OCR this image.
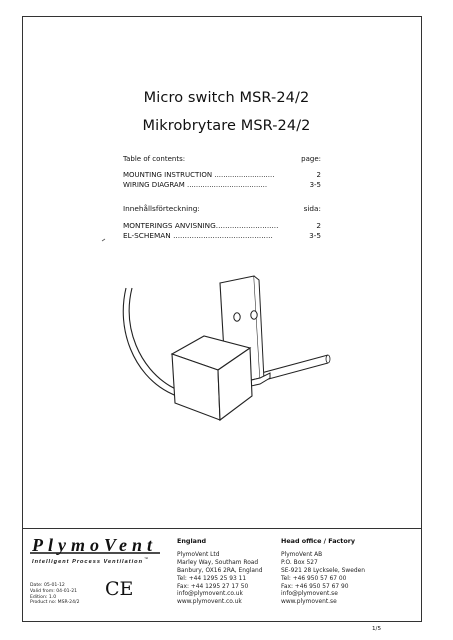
Micro switch MSR-24/2
Mikrobrytare MSR-24/2
Table of contents:	page:
MOUNTING INSTRUCTION ...........................	2
WIRING DIAGRAM ....................................	3-5
Innehållsförteckning:	sida:
MONTERINGS ANVISNING...........................	2
EL-SCHEMAN ...........................................	3-5
PlymoVent
Intelligent Process Ventilation
™
Date: 05-01-12
Valid from: 04-01-21
Edition: 1.0
Product no: MSR-24/2
CE
England
PlymoVent Ltd
Marley Way, Southam Road
Banbury, OX16 2RA, England
Tel: +44 1295 25 93 11
Fax: +44 1295 27 17 50
info@plymovent.co.uk
www.plymovent.co.uk
Head office / Factory
PlymoVent AB
P.O. Box 527
SE-921 28 Lycksele, Sweden
Tel: +46 950 57 67 00
Fax: +46 950 57 67 90
info@plymovent.se
www.plymovent.se
1/5
